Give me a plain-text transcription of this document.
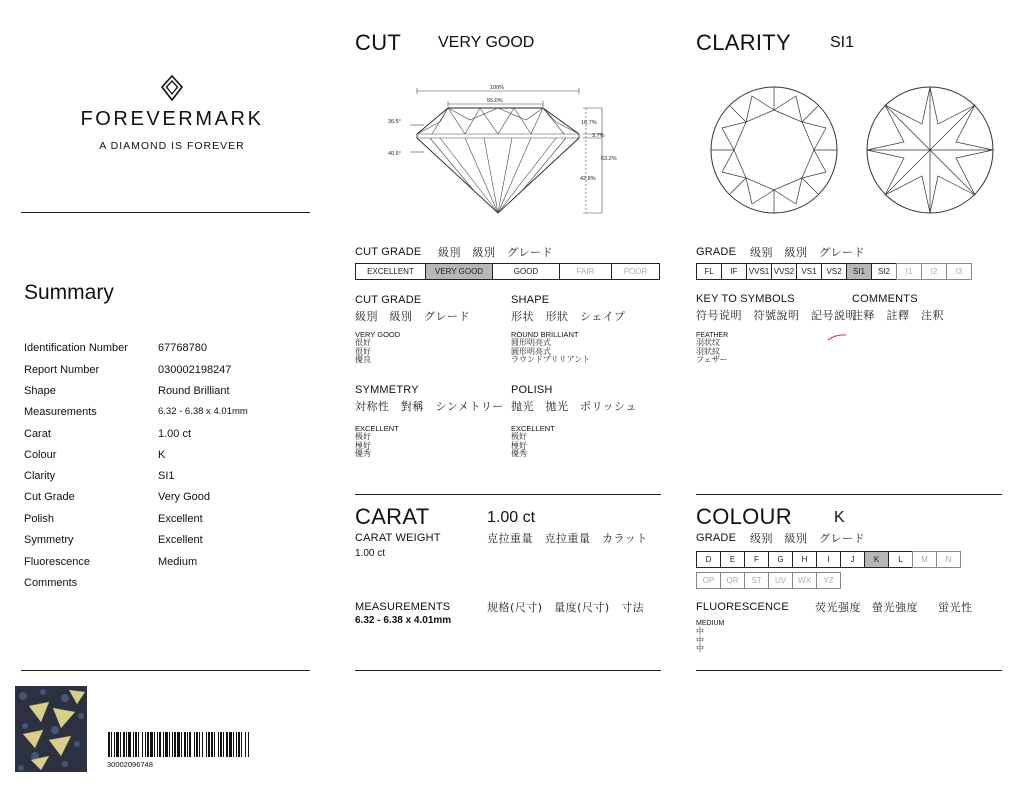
FOREVERMARK
A DIAMOND IS FOREVER
Summary
Identification Number	67768780
Report Number	030002198247
Shape	Round Brilliant
Measurements	6.32 - 6.38 x 4.01mm
Carat	1.00 ct
Colour	K
Clarity	SI1
Cut Grade	Very Good
Polish	Excellent
Symmetry	Excellent
Fluorescence	Medium
Comments
30002096748
CUT VERY GOOD
100%
55.0%
36.5°
40.6°
16.7%
3.7%
63.2%
42.8%
CUT GRADE 級別　級別　グレード
EXCELLENT	VERY GOOD	GOOD	FAIR	POOR
CUT GRADE
級別　級別　グレード
VERY GOOD
很好
很好
優良
SHAPE
形状　形狀　シェイプ
ROUND BRILLIANT
圆形明亮式
圓形明亮式
ラウンドブリリアント
SYMMETRY
対称性　對稱　シンメトリー
EXCELLENT
极好
極好
優秀
POLISH
抛光　拋光　ポリッシュ
EXCELLENT
极好
極好
優秀
CLARITY SI1
GRADE 级别　級別　グレード
FL	IF	VVS1 VVS2 VS1	VS2	SI1	SI2	I1	I2	I3
KEY TO SYMBOLS
符号说明　符號說明　記号説明
FEATHER
羽状纹
羽狀紋
フェザー
COMMENTS
注释　註釋　注釈
CARAT	1.00 ct
CARAT WEIGHT	克拉重量　克拉重量　カラット
1.00 ct
MEASUREMENTS	规格(尺寸)　量度(尺寸)　寸法
6.32 - 6.38 x 4.01mm
COLOUR	K
GRADE 级别　級別　グレード
D	E	F	G	H	I	J	K	L	M	N
OP	QR	ST	UV	WX	YZ
FLUORESCENCE 荧光强度 螢光強度 蛍光性
MEDIUM
中
中
中
